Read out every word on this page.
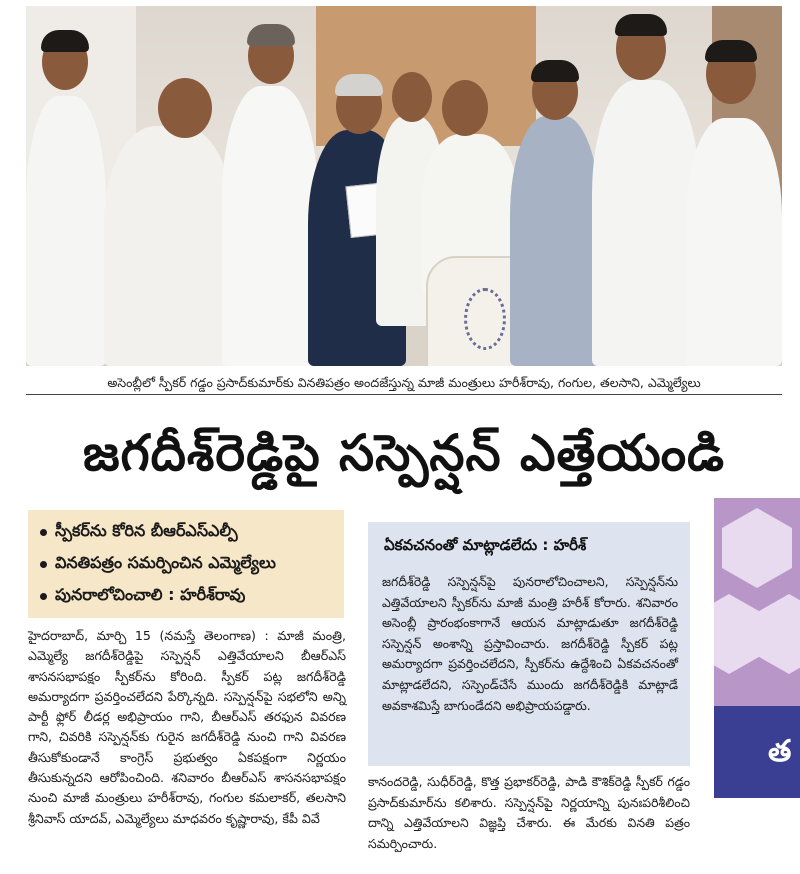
అసెంబ్లీలో స్పీకర్ గడ్డం ప్రసాద్‌కుమార్‌కు వినతిపత్రం అందజేస్తున్న మాజీ మంత్రులు హరీశ్‌రావు, గంగుల, తలసాని, ఎమ్మెల్యేలు
జగదీశ్‌రెడ్డిపై సస్పెన్షన్ ఎత్తేయండి
స్పీకర్‌ను కోరిన బీఆర్‌ఎస్‌ఎల్పీ
వినతిపత్రం సమర్పించిన ఎమ్మెల్యేలు
పునరాలోచించాలి : హరీశ్‌రావు
హైదరాబాద్, మార్చి 15 (నమస్తే తెలంగాణ) : మాజీ మంత్రి, ఎమ్మెల్యే జగదీశ్‌రెడ్డిపై సస్పెన్షన్ ఎత్తివేయాలని బీఆర్‌ఎస్ శాసనసభాపక్షం స్పీకర్‌ను కోరింది. స్పీకర్ పట్ల జగదీశ్‌రెడ్డి అమర్యాదగా ప్రవర్తించలేదని పేర్కొన్నది. సస్పెన్షన్‌పై సభలోని అన్ని పార్టీ ఫ్లోర్ లీడర్ల అభిప్రాయం గాని, బీఆర్‌ఎస్ తరఫున వివరణ గాని, చివరికి సస్పెన్షన్‌కు గురైన జగదీశ్‌రెడ్డి నుంచి గాని వివరణ తీసుకోకుండానే కాంగ్రెస్ ప్రభుత్వం ఏకపక్షంగా నిర్ణయం తీసుకున్నదని ఆరోపించింది. శనివారం బీఆర్‌ఎస్ శాసనసభాపక్షం నుంచి మాజీ మంత్రులు హరీశ్‌రావు, గంగుల కమలాకర్, తలసాని శ్రీనివాస్ యాదవ్, ఎమ్మెల్యేలు మాధవరం కృష్ణారావు, కేపీ వివే
ఏకవచనంతో మాట్లాడలేదు : హరీశ్
జగదీశ్‌రెడ్డి సస్పెన్షన్‌పై పునరాలోచించాలని, సస్పెన్షన్‌ను ఎత్తివేయాలని స్పీకర్‌ను మాజీ మంత్రి హరీశ్ కోరారు. శనివారం అసెంబ్లీ ప్రారంభంకాగానే ఆయన మాట్లాడుతూ జగదీశ్‌రెడ్డి సస్పెన్షన్ అంశాన్ని ప్రస్తావించారు. జగదీశ్‌రెడ్డి స్పీకర్ పట్ల అమర్యాదగా ప్రవర్తించలేదని, స్పీకర్‌ను ఉద్దేశించి ఏకవచనంతో మాట్లాడలేదని, సస్పెండ్‌చేసే ముందు జగదీశ్‌రెడ్డికి మాట్లాడే అవకాశమిస్తే బాగుండేదని అభిప్రాయపడ్డారు.
కానందరెడ్డి, సుధీర్‌రెడ్డి, కొత్త ప్రభాకర్‌రెడ్డి, పాడి కౌశిక్‌రెడ్డి స్పీకర్ గడ్డం ప్రసాద్‌కుమార్‌ను కలిశారు. సస్పెన్షన్‌పై నిర్ణయాన్ని పునఃపరిశీలించి దాన్ని ఎత్తివేయాలని విజ్ఞప్తి చేశారు. ఈ మేరకు వినతి పత్రం సమర్పించారు.
త
